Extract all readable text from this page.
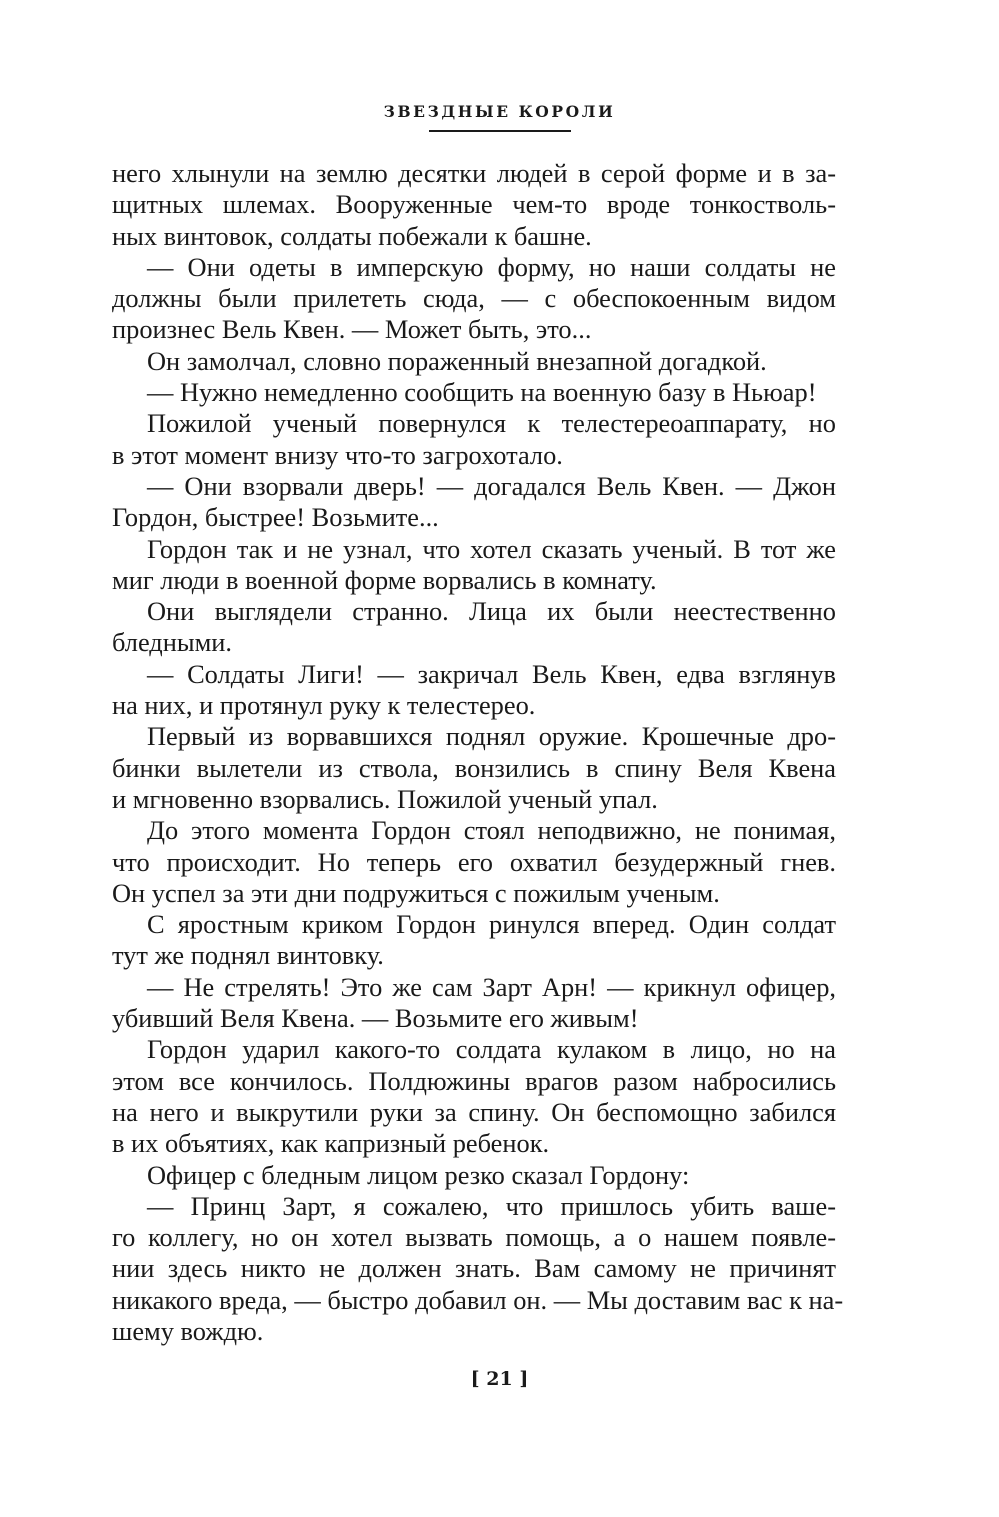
ЗВЕЗДНЫЕ КОРОЛИ
него хлынули на землю десятки людей в серой форме и в за-
щитных шлемах. Вооруженные чем-то вроде тонкостволь-
ных винтовок, солдаты побежали к башне.
— Они одеты в имперскую форму, но наши солдаты не
должны были прилететь сюда, — с обеспокоенным видом
произнес Вель Квен. — Может быть, это...
Он замолчал, словно пораженный внезапной догадкой.
— Нужно немедленно сообщить на военную базу в Ньюар!
Пожилой ученый повернулся к телестереоаппарату, но
в этот момент внизу что-то загрохотало.
— Они взорвали дверь! — догадался Вель Квен. — Джон
Гордон, быстрее! Возьмите...
Гордон так и не узнал, что хотел сказать ученый. В тот же
миг люди в военной форме ворвались в комнату.
Они выглядели странно. Лица их были неестественно
бледными.
— Солдаты Лиги! — закричал Вель Квен, едва взглянув
на них, и протянул руку к телестерео.
Первый из ворвавшихся поднял оружие. Крошечные дро-
бинки вылетели из ствола, вонзились в спину Веля Квена
и мгновенно взорвались. Пожилой ученый упал.
До этого момента Гордон стоял неподвижно, не понимая,
что происходит. Но теперь его охватил безудержный гнев.
Он успел за эти дни подружиться с пожилым ученым.
С яростным криком Гордон ринулся вперед. Один солдат
тут же поднял винтовку.
— Не стрелять! Это же сам Зарт Арн! — крикнул офицер,
убивший Веля Квена. — Возьмите его живым!
Гордон ударил какого-то солдата кулаком в лицо, но на
этом все кончилось. Полдюжины врагов разом набросились
на него и выкрутили руки за спину. Он беспомощно забился
в их объятиях, как капризный ребенок.
Офицер с бледным лицом резко сказал Гордону:
— Принц Зарт, я сожалею, что пришлось убить ваше-
го коллегу, но он хотел вызвать помощь, а о нашем появле-
нии здесь никто не должен знать. Вам самому не причинят
никакого вреда, — быстро добавил он. — Мы доставим вас к на-
шему вождю.
[ 21 ]
